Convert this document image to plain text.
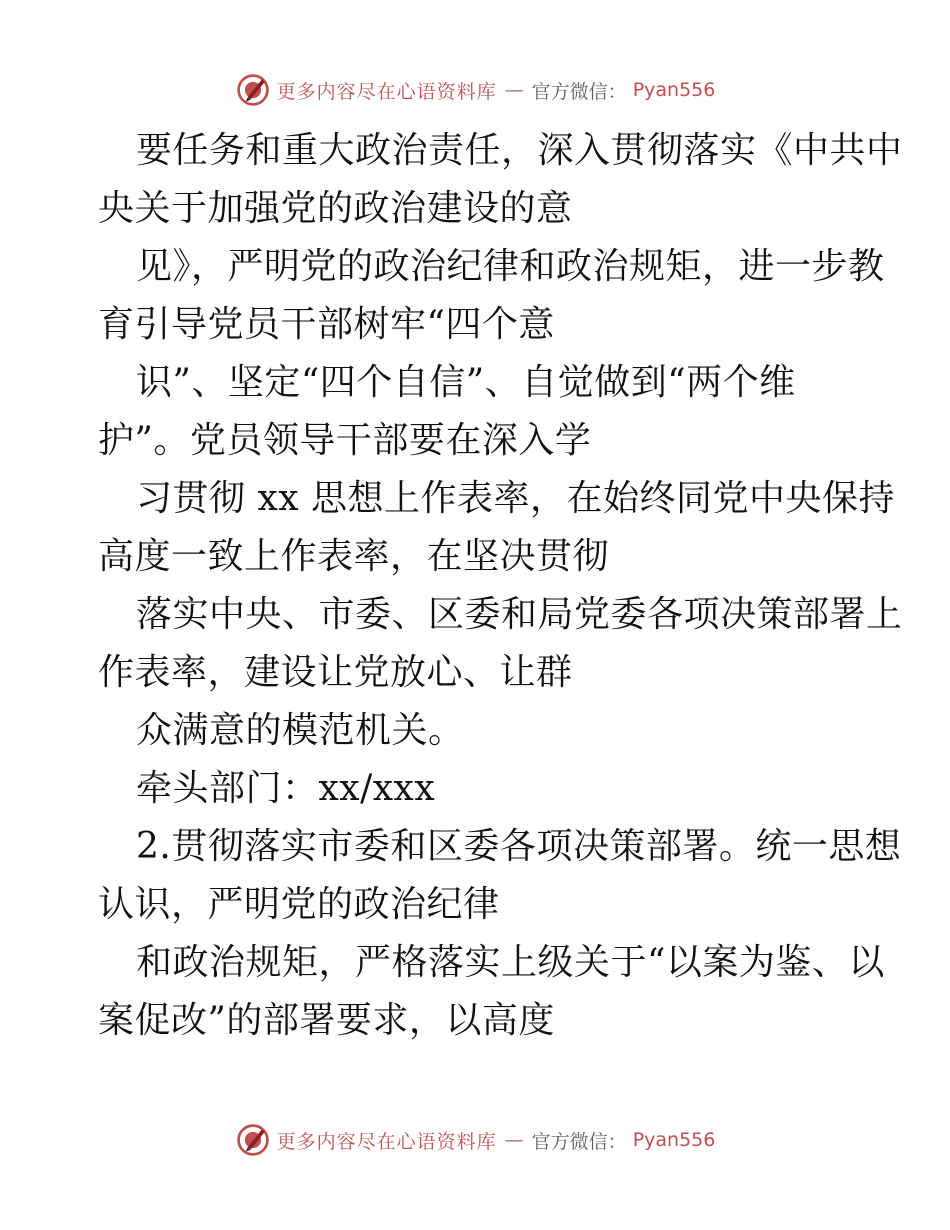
更多内容尽在心语资料库 — 官方微信： Pyan556
要任务和重大政治责任，深入贯彻落实《中共中
央关于加强党的政治建设的意
见》，严明党的政治纪律和政治规矩，进一步教
育引导党员干部树牢“四个意
识”、坚定“四个自信”、自觉做到“两个维
护”。党员领导干部要在深入学
习贯彻 xx 思想上作表率，在始终同党中央保持
高度一致上作表率，在坚决贯彻
落实中央、市委、区委和局党委各项决策部署上
作表率，建设让党放心、让群
众满意的模范机关。
牵头部门：xx/xxx
2.贯彻落实市委和区委各项决策部署。统一思想
认识，严明党的政治纪律
和政治规矩，严格落实上级关于“以案为鉴、以
案促改”的部署要求，以高度
更多内容尽在心语资料库 — 官方微信： Pyan556
